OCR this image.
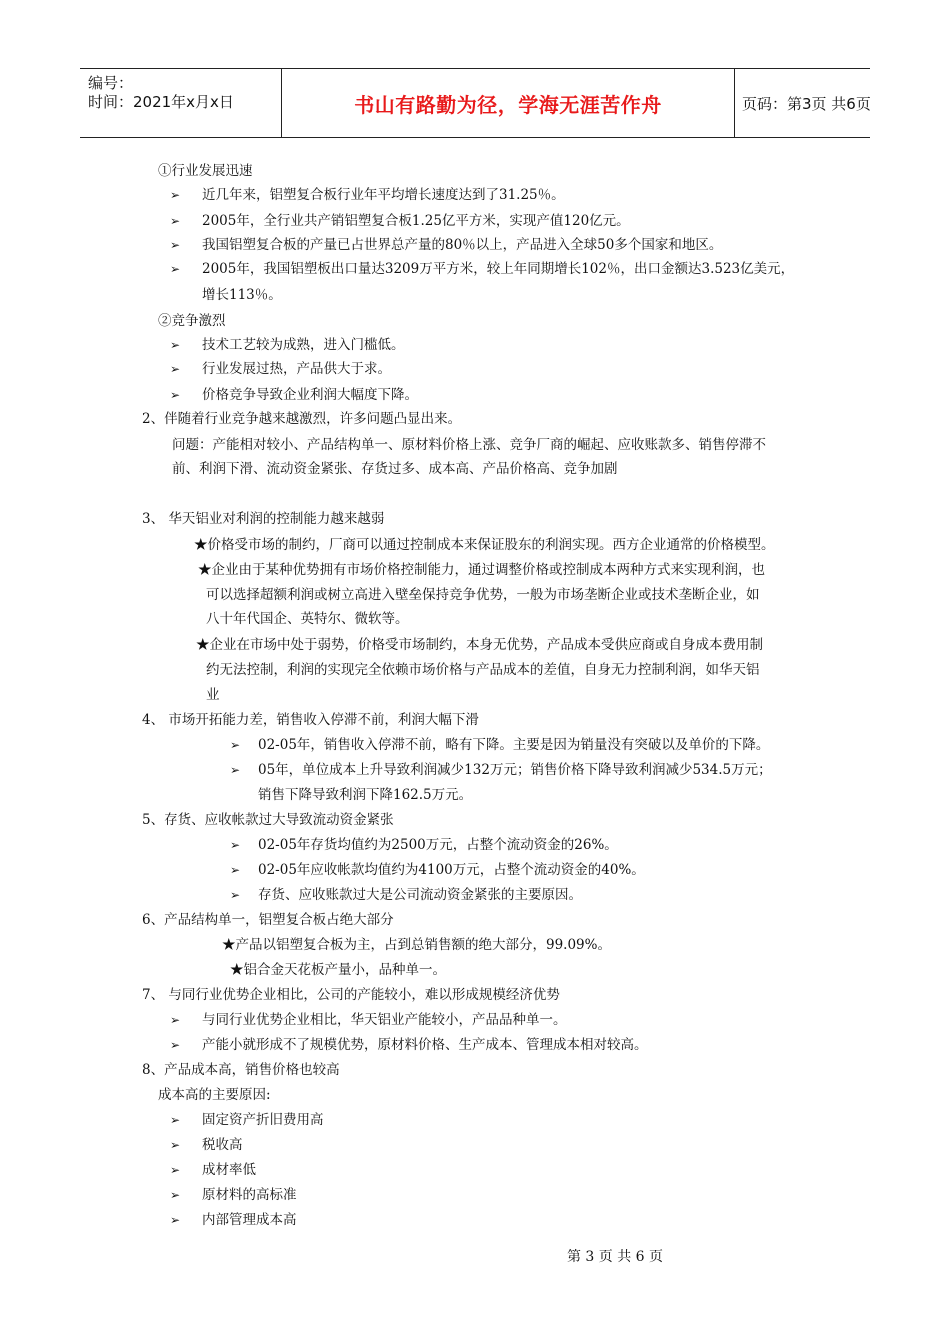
编号：
时间：2021年x月x日	书山有路勤为径，学海无涯苦作舟	页码：第3页 共6页
①行业发展迅速
➢ 近几年来，铝塑复合板行业年平均增长速度达到了31.25％。
➢ 2005年，全行业共产销铝塑复合板1.25亿平方米，实现产值120亿元。
➢ 我国铝塑复合板的产量已占世界总产量的80％以上，产品进入全球50多个国家和地区。
➢ 2005年，我国铝塑板出口量达3209万平方米，较上年同期增长102％，出口金额达3.523亿美元，
增长113％。
②竞争激烈
➢ 技术工艺较为成熟，进入门槛低。
➢ 行业发展过热，产品供大于求。
➢ 价格竞争导致企业利润大幅度下降。
2、伴随着行业竞争越来越激烈，许多问题凸显出来。
问题：产能相对较小、产品结构单一、原材料价格上涨、竞争厂商的崛起、应收账款多、销售停滞不
前、利润下滑、流动资金紧张、存货过多、成本高、产品价格高、竞争加剧
3、 华天铝业对利润的控制能力越来越弱
★价格受市场的制约，厂商可以通过控制成本来保证股东的利润实现。西方企业通常的价格模型。
★企业由于某种优势拥有市场价格控制能力，通过调整价格或控制成本两种方式来实现利润，也
可以选择超额利润或树立高进入壁垒保持竞争优势，一般为市场垄断企业或技术垄断企业，如
八十年代国企、英特尔、微软等。
★企业在市场中处于弱势，价格受市场制约，本身无优势，产品成本受供应商或自身成本费用制
约无法控制，利润的实现完全依赖市场价格与产品成本的差值，自身无力控制利润，如华天铝
业
4、 市场开拓能力差，销售收入停滞不前，利润大幅下滑
➢ 02-05年，销售收入停滞不前，略有下降。主要是因为销量没有突破以及单价的下降。
➢ 05年，单位成本上升导致利润减少132万元；销售价格下降导致利润减少534.5万元；
销售下降导致利润下降162.5万元。
5、存货、应收帐款过大导致流动资金紧张
➢ 02-05年存货均值约为2500万元，占整个流动资金的26%。
➢ 02-05年应收帐款均值约为4100万元，占整个流动资金的40%。
➢ 存货、应收账款过大是公司流动资金紧张的主要原因。
6、产品结构单一，铝塑复合板占绝大部分
★产品以铝塑复合板为主，占到总销售额的绝大部分，99.09%。
★铝合金天花板产量小，品种单一。
7、 与同行业优势企业相比，公司的产能较小，难以形成规模经济优势
➢ 与同行业优势企业相比，华天铝业产能较小，产品品种单一。
➢ 产能小就形成不了规模优势，原材料价格、生产成本、管理成本相对较高。
8、产品成本高，销售价格也较高
成本高的主要原因:
➢ 固定资产折旧费用高
➢ 税收高
➢ 成材率低
➢ 原材料的高标准
➢ 内部管理成本高
第 3 页 共 6 页
